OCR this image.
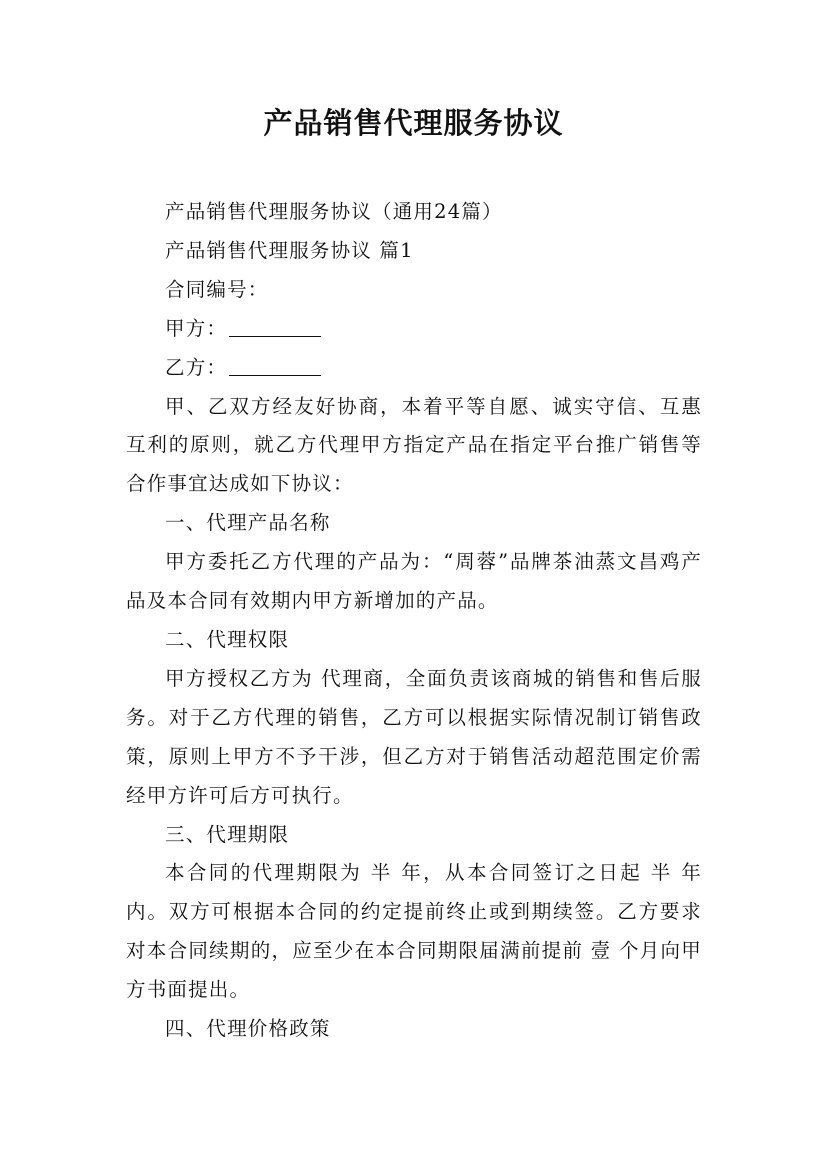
产品销售代理服务协议

产品销售代理服务协议（通用24篇）

产品销售代理服务协议 篇1

合同编号：

甲方：

乙方：

甲、乙双方经友好协商，本着平等自愿、诚实守信、互惠互利的原则，就乙方代理甲方指定产品在指定平台推广销售等合作事宜达成如下协议：

一、代理产品名称

甲方委托乙方代理的产品为：“周蓉”品牌茶油蒸文昌鸡产品及本合同有效期内甲方新增加的产品。

二、代理权限

甲方授权乙方为 代理商，全面负责该商城的销售和售后服务。对于乙方代理的销售，乙方可以根据实际情况制订销售政策，原则上甲方不予干涉，但乙方对于销售活动超范围定价需经甲方许可后方可执行。

三、代理期限

本合同的代理期限为 半 年，从本合同签订之日起 半 年内。双方可根据本合同的约定提前终止或到期续签。乙方要求对本合同续期的，应至少在本合同期限届满前提前 壹 个月向甲方书面提出。

四、代理价格政策
